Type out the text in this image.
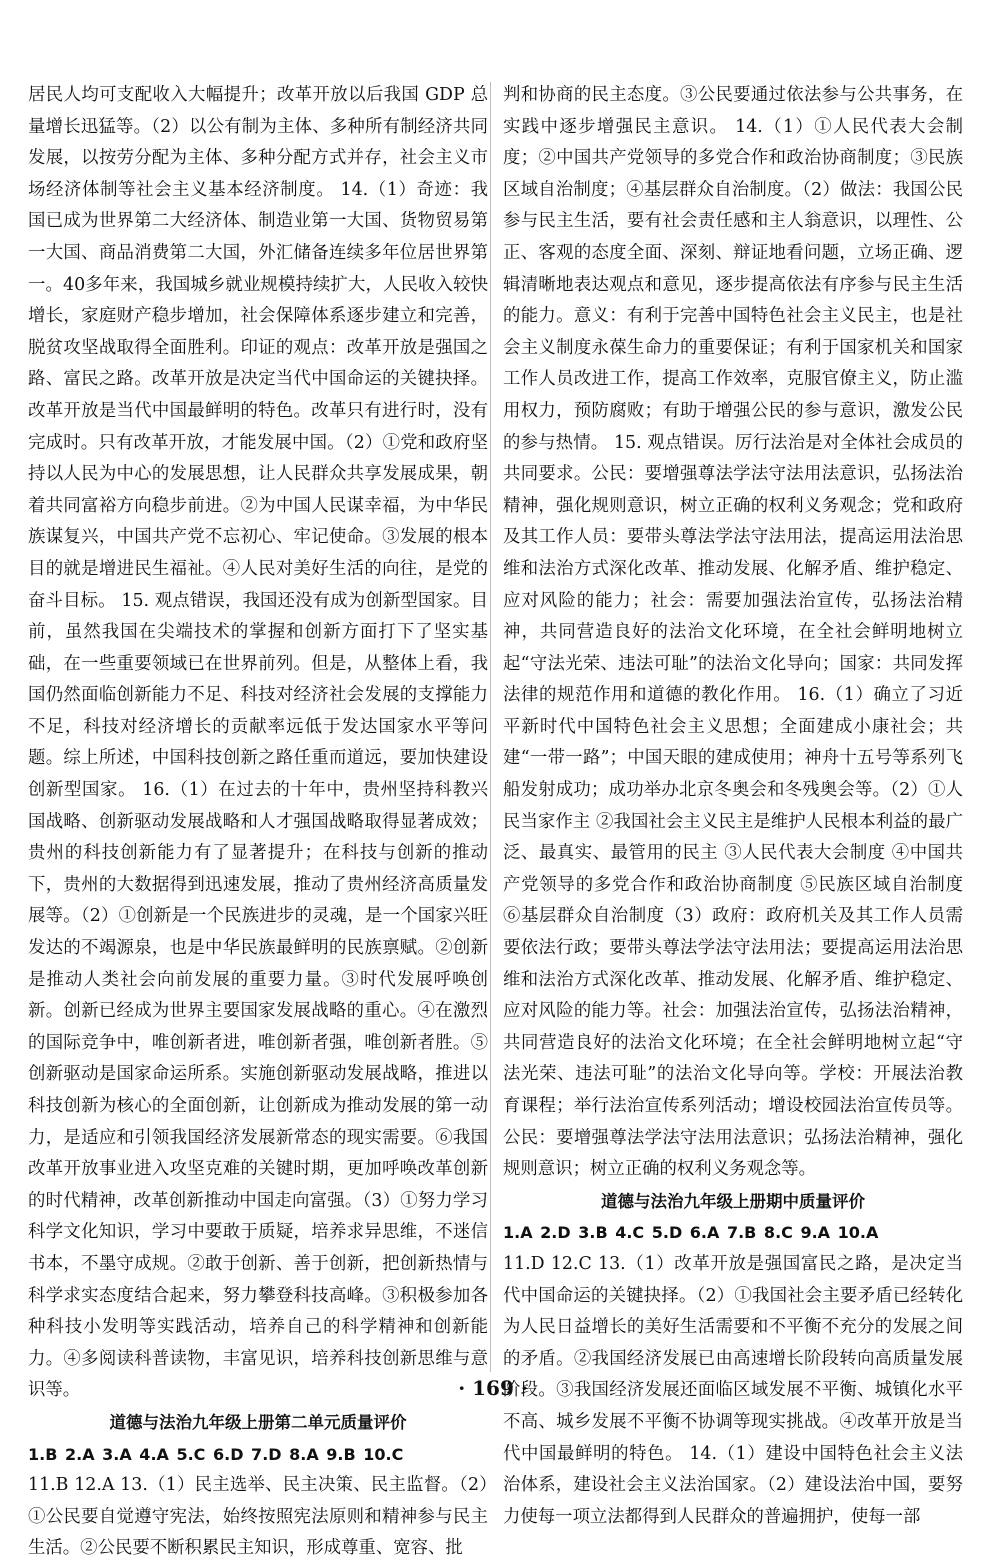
居民人均可支配收入大幅提升；改革开放以后我国 GDP 总量增长迅猛等。（2）以公有制为主体、多种所有制经济共同发展，以按劳分配为主体、多种分配方式并存，社会主义市场经济体制等社会主义基本经济制度。 14.（1）奇迹：我国已成为世界第二大经济体、制造业第一大国、货物贸易第一大国、商品消费第二大国，外汇储备连续多年位居世界第一。40多年来，我国城乡就业规模持续扩大，人民收入较快增长，家庭财产稳步增加，社会保障体系逐步建立和完善，脱贫攻坚战取得全面胜利。印证的观点：改革开放是强国之路、富民之路。改革开放是决定当代中国命运的关键抉择。改革开放是当代中国最鲜明的特色。改革只有进行时，没有完成时。只有改革开放，才能发展中国。（2）①党和政府坚持以人民为中心的发展思想，让人民群众共享发展成果，朝着共同富裕方向稳步前进。②为中国人民谋幸福，为中华民族谋复兴，中国共产党不忘初心、牢记使命。③发展的根本目的就是增进民生福祉。④人民对美好生活的向往，是党的奋斗目标。 15. 观点错误，我国还没有成为创新型国家。目前，虽然我国在尖端技术的掌握和创新方面打下了坚实基础，在一些重要领域已在世界前列。但是，从整体上看，我国仍然面临创新能力不足、科技对经济社会发展的支撑能力不足，科技对经济增长的贡献率远低于发达国家水平等问题。综上所述，中国科技创新之路任重而道远，要加快建设创新型国家。 16.（1）在过去的十年中，贵州坚持科教兴国战略、创新驱动发展战略和人才强国战略取得显著成效；贵州的科技创新能力有了显著提升；在科技与创新的推动下，贵州的大数据得到迅速发展，推动了贵州经济高质量发展等。（2）①创新是一个民族进步的灵魂，是一个国家兴旺发达的不竭源泉，也是中华民族最鲜明的民族禀赋。②创新是推动人类社会向前发展的重要力量。③时代发展呼唤创新。创新已经成为世界主要国家发展战略的重心。④在激烈的国际竞争中，唯创新者进，唯创新者强，唯创新者胜。⑤创新驱动是国家命运所系。实施创新驱动发展战略，推进以科技创新为核心的全面创新，让创新成为推动发展的第一动力，是适应和引领我国经济发展新常态的现实需要。⑥我国改革开放事业进入攻坚克难的关键时期，更加呼唤改革创新的时代精神，改革创新推动中国走向富强。（3）①努力学习科学文化知识，学习中要敢于质疑，培养求异思维，不迷信书本，不墨守成规。②敢于创新、善于创新，把创新热情与科学求实态度结合起来，努力攀登科技高峰。③积极参加各种科技小发明等实践活动，培养自己的科学精神和创新能力。④多阅读科普读物，丰富见识，培养科技创新思维与意识等。

道德与法治九年级上册第二单元质量评价

1.B 2.A 3.A 4.A 5.C 6.D 7.D 8.A 9.B 10.C

11.B 12.A 13.（1）民主选举、民主决策、民主监督。（2）①公民要自觉遵守宪法，始终按照宪法原则和精神参与民主生活。②公民要不断积累民主知识，形成尊重、宽容、批

判和协商的民主态度。③公民要通过依法参与公共事务，在实践中逐步增强民主意识。 14.（1）①人民代表大会制度；②中国共产党领导的多党合作和政治协商制度；③民族区域自治制度；④基层群众自治制度。（2）做法：我国公民参与民主生活，要有社会责任感和主人翁意识，以理性、公正、客观的态度全面、深刻、辩证地看问题，立场正确、逻辑清晰地表达观点和意见，逐步提高依法有序参与民主生活的能力。意义：有利于完善中国特色社会主义民主，也是社会主义制度永葆生命力的重要保证；有利于国家机关和国家工作人员改进工作，提高工作效率，克服官僚主义，防止滥用权力，预防腐败；有助于增强公民的参与意识，激发公民的参与热情。 15. 观点错误。厉行法治是对全体社会成员的共同要求。公民：要增强尊法学法守法用法意识，弘扬法治精神，强化规则意识，树立正确的权利义务观念；党和政府及其工作人员：要带头尊法学法守法用法，提高运用法治思维和法治方式深化改革、推动发展、化解矛盾、维护稳定、应对风险的能力；社会：需要加强法治宣传，弘扬法治精神，共同营造良好的法治文化环境，在全社会鲜明地树立起“守法光荣、违法可耻”的法治文化导向；国家：共同发挥法律的规范作用和道德的教化作用。 16.（1）确立了习近平新时代中国特色社会主义思想；全面建成小康社会；共建“一带一路”；中国天眼的建成使用；神舟十五号等系列飞船发射成功；成功举办北京冬奥会和冬残奥会等。（2）①人民当家作主 ②我国社会主义民主是维护人民根本利益的最广泛、最真实、最管用的民主 ③人民代表大会制度 ④中国共产党领导的多党合作和政治协商制度 ⑤民族区域自治制度 ⑥基层群众自治制度（3）政府：政府机关及其工作人员需要依法行政；要带头尊法学法守法用法；要提高运用法治思维和法治方式深化改革、推动发展、化解矛盾、维护稳定、应对风险的能力等。社会：加强法治宣传，弘扬法治精神，共同营造良好的法治文化环境；在全社会鲜明地树立起“守法光荣、违法可耻”的法治文化导向等。学校：开展法治教育课程；举行法治宣传系列活动；增设校园法治宣传员等。公民：要增强尊法学法守法用法意识；弘扬法治精神，强化规则意识；树立正确的权利义务观念等。

道德与法治九年级上册期中质量评价

1.A 2.D 3.B 4.C 5.D 6.A 7.B 8.C 9.A 10.A

11.D 12.C 13.（1）改革开放是强国富民之路，是决定当代中国命运的关键抉择。（2）①我国社会主要矛盾已经转化为人民日益增长的美好生活需要和不平衡不充分的发展之间的矛盾。②我国经济发展已由高速增长阶段转向高质量发展阶段。③我国经济发展还面临区域发展不平衡、城镇化水平不高、城乡发展不平衡不协调等现实挑战。④改革开放是当代中国最鲜明的特色。 14.（1）建设中国特色社会主义法治体系，建设社会主义法治国家。（2）建设法治中国，要努力使每一项立法都得到人民群众的普遍拥护，使每一部

· 169 ·
